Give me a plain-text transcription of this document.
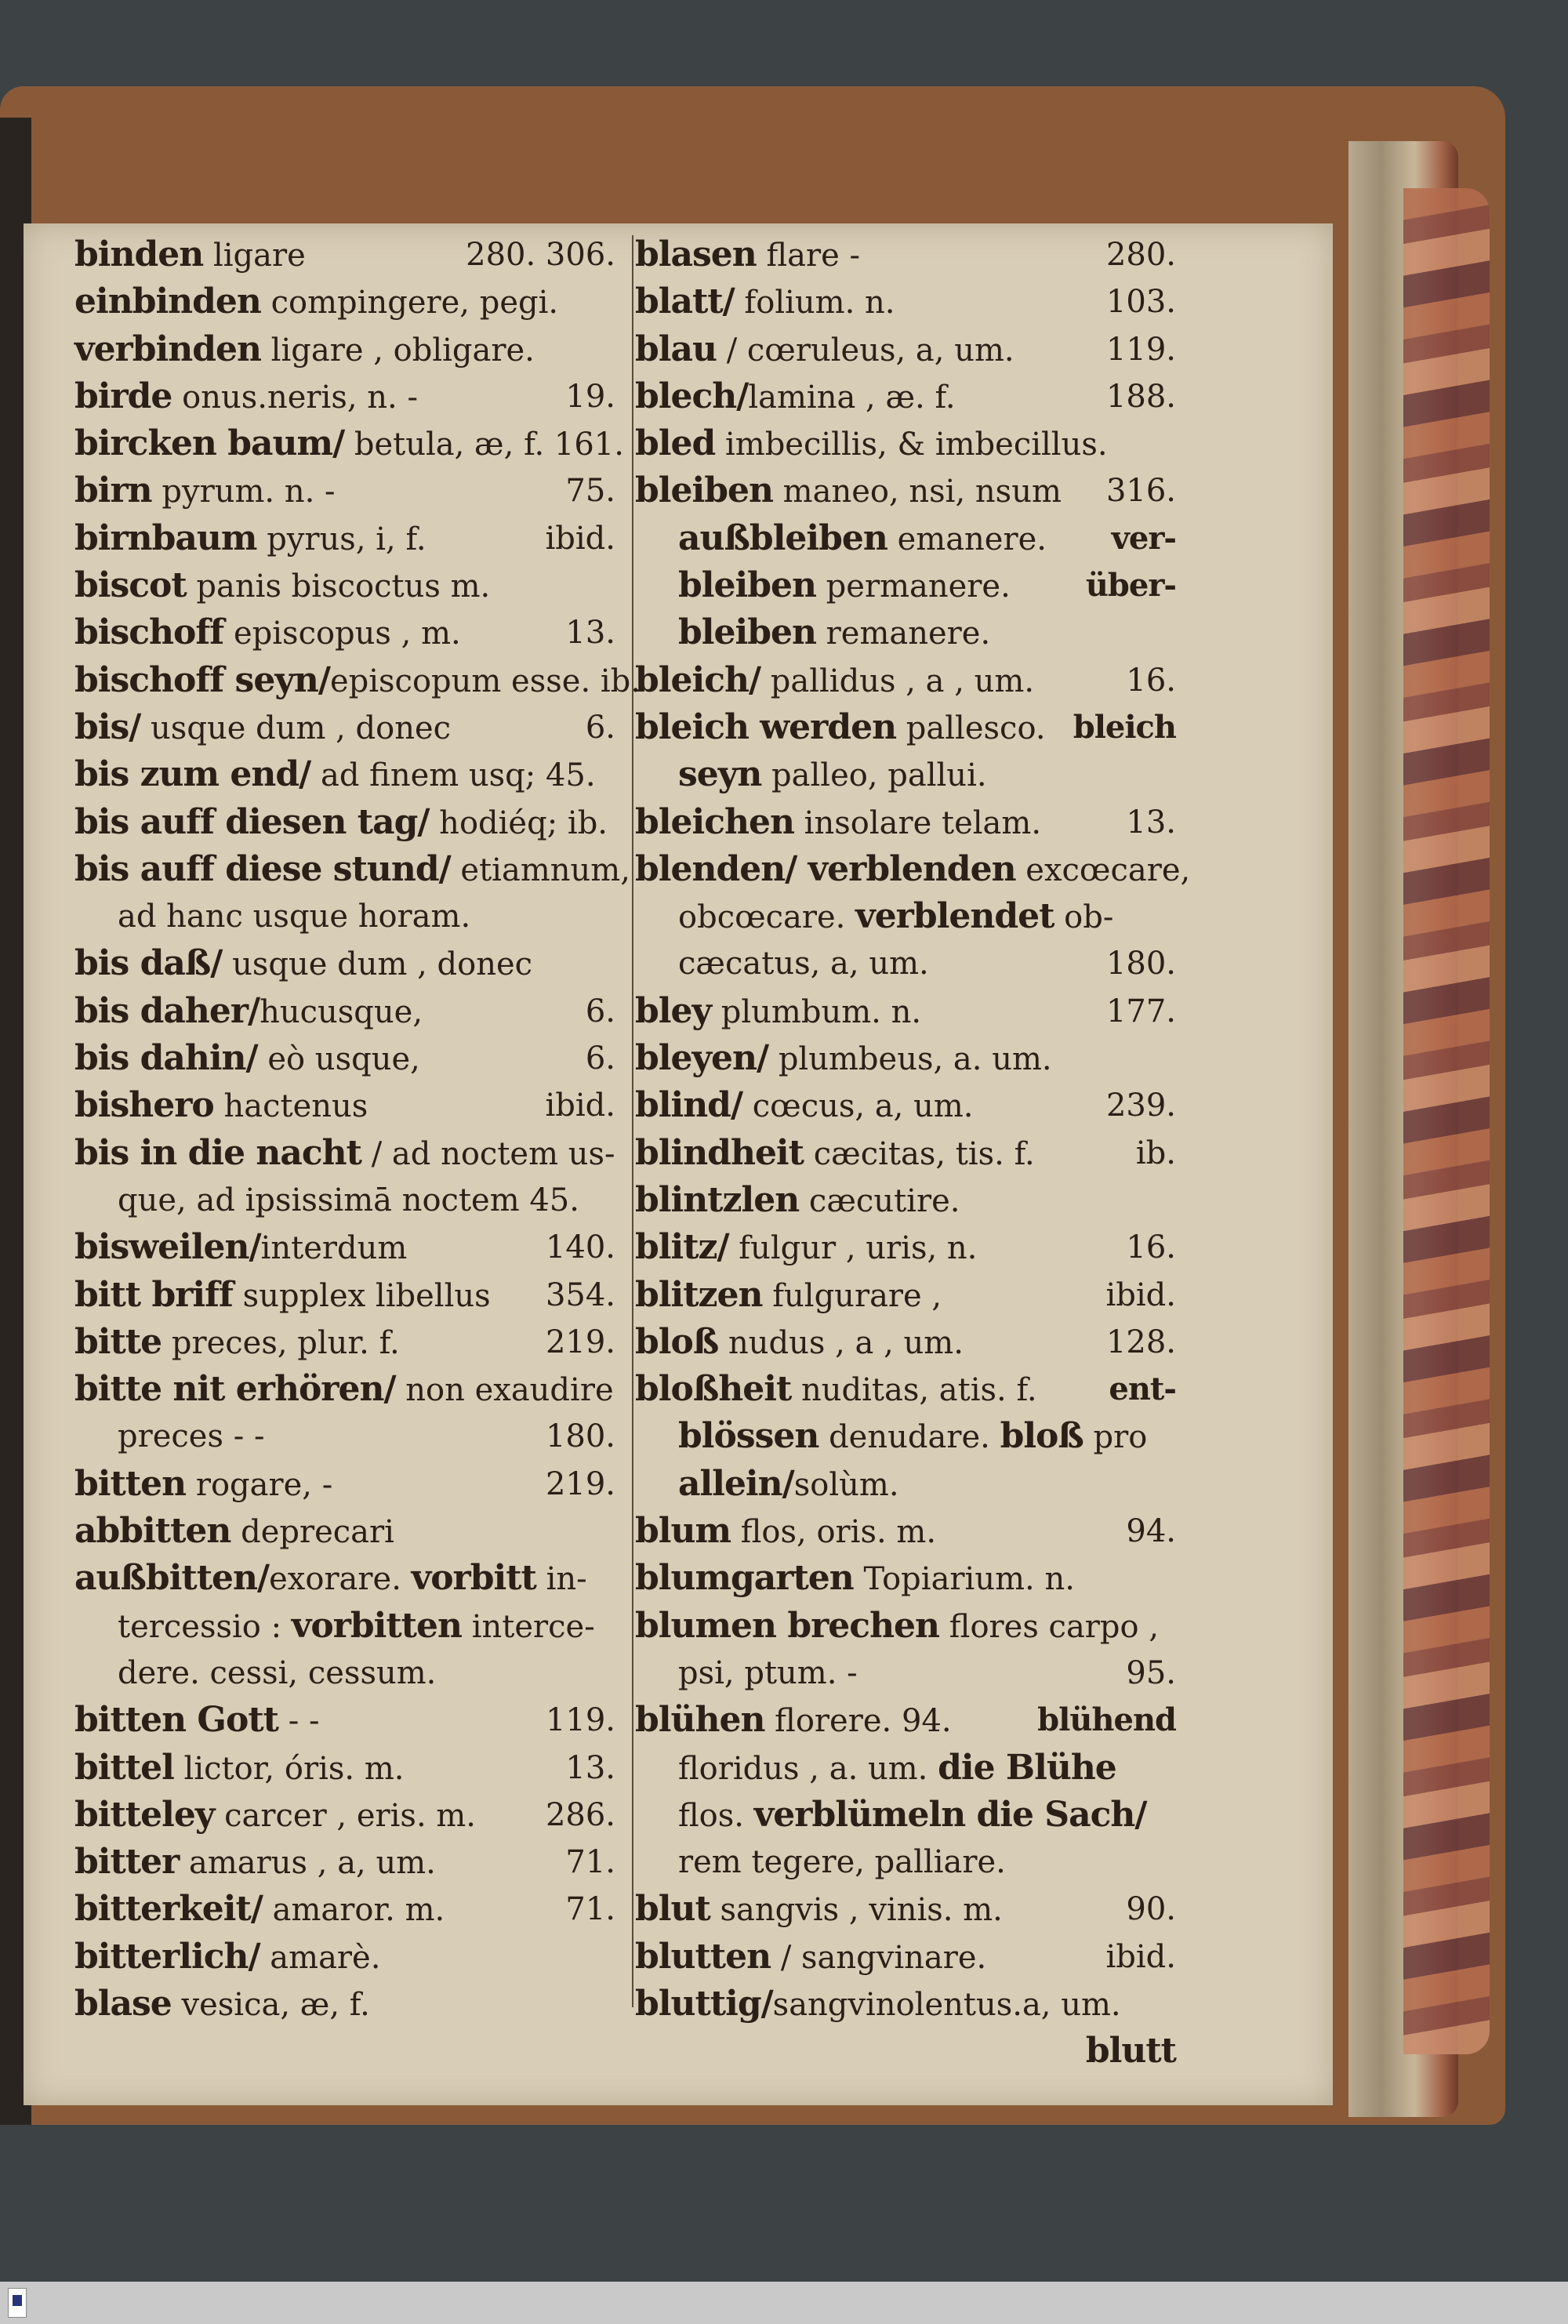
binden ligare	280. 306.
einbinden compingere, pegi.
verbinden ligare , obligare.
birde onus.neris, n. -	19.
bircken baum/ betula, æ, f. 161.
birn pyrum. n. -	75.
birnbaum pyrus, i, f.	ibid.
biscot panis biscoctus m.
bischoff episcopus , m.	13.
bischoff seyn/episcopum esse. ib.
bis/ usque dum , donec	6.
bis zum end/ ad finem usq; 45.
bis auff diesen tag/ hodiéq; ib.
bis auff diese stund/ etiamnum,
ad hanc usque horam.
bis daß/ usque dum , donec
bis daher/hucusque,	6.
bis dahin/ eò usque,	6.
bishero hactenus	ibid.
bis in die nacht / ad noctem us-
que, ad ipsissimā noctem 45.
bisweilen/interdum	140.
bitt briff supplex libellus 354.
bitte preces, plur. f.	219.
bitte nit erhören/ non exaudire
preces - -	180.
bitten rogare, -	219.
abbitten deprecari
außbitten/exorare. vorbitt in-
tercessio : vorbitten interce-
dere. cessi, cessum.
bitten Gott - -	119.
bittel lictor, óris. m.	13.
bitteley carcer , eris. m. 286.
bitter amarus , a, um.	71.
bitterkeit/ amaror. m.	71.
bitterlich/ amarè.
blase vesica, æ, f.
blasen flare -	280.
blatt/ folium. n.	103.
blau / cœruleus, a, um.	119.
blech/lamina , æ. f.	188.
bled imbecillis, & imbecillus.
bleiben maneo, nsi, nsum 316.
außbleiben emanere. ver-
bleiben permanere. über-
bleiben remanere.
bleich/ pallidus , a , um.	16.
bleich werden pallesco. bleich
seyn palleo, pallui.
bleichen insolare telam.	13.
blenden/ verblenden excœcare,
obcœcare. verblendet ob-
cæcatus, a, um.	180.
bley plumbum. n.	177.
bleyen/ plumbeus, a. um.
blind/ cœcus, a, um.	239.
blindheit cæcitas, tis. f.	ib.
blintzlen cæcutire.
blitz/ fulgur , uris, n.	16.
blitzen fulgurare ,	ibid.
bloß nudus , a , um.	128.
bloßheit nuditas, atis. f. ent-
blössen denudare. bloß pro
allein/solùm.
blum flos, oris. m.	94.
blumgarten Topiarium. n.
blumen brechen flores carpo ,
psi, ptum. -	95.
blühen florere. 94.	blühend
floridus , a. um. die Blühe
flos. verblümeln die Sach/
rem tegere, palliare.
blut sangvis , vinis. m.	90.
blutten / sangvinare.	ibid.
bluttig/sangvinolentus.a, um.
blutt
